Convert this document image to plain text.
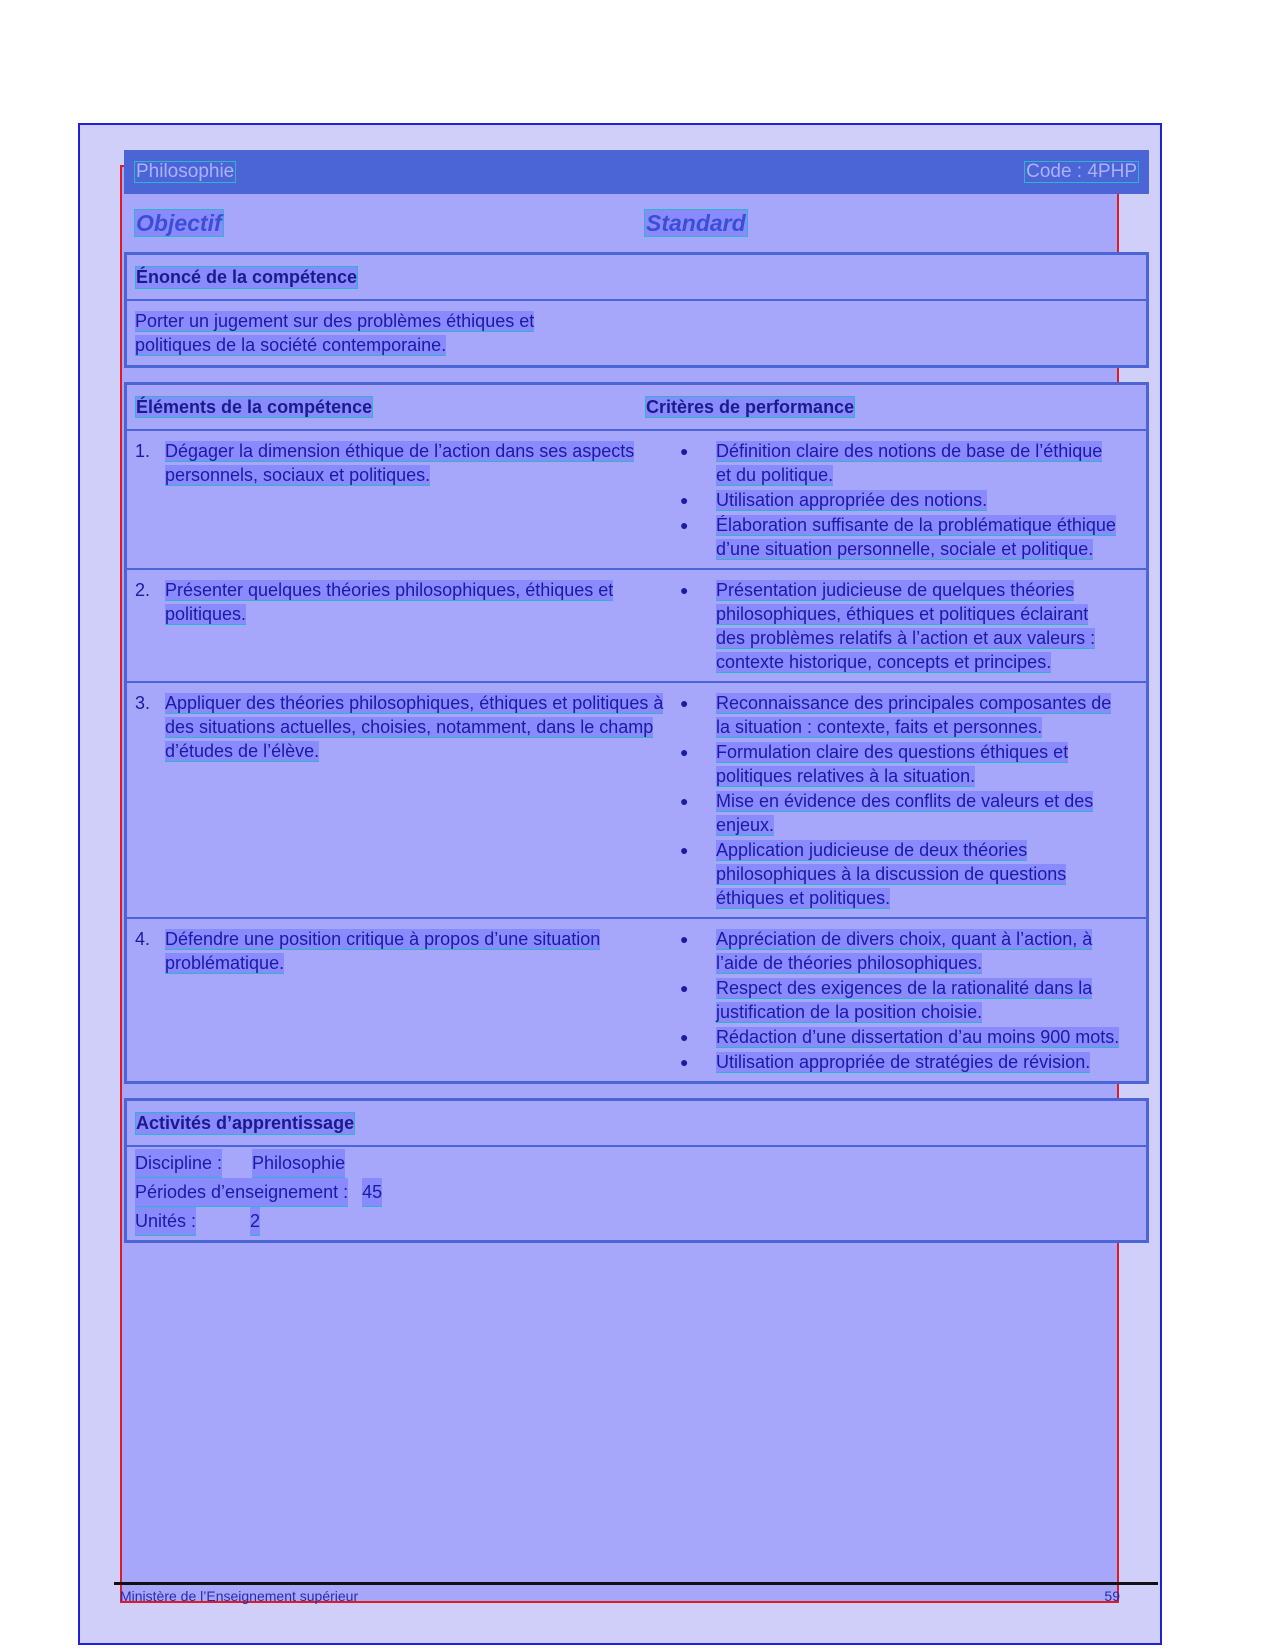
Philosophie	Code : 4PHP
Objectif	Standard
Énoncé de la compétence
Porter un jugement sur des problèmes éthiques et politiques de la société contemporaine.
Éléments de la compétence	Critères de performance
1. Dégager la dimension éthique de l’action dans ses aspects personnels, sociaux et politiques.
●	Définition claire des notions de base de l’éthique et du politique.
●	Utilisation appropriée des notions.
●	Élaboration suffisante de la problématique éthique d’une situation personnelle, sociale et politique.
2. Présenter quelques théories philosophiques, éthiques et politiques.
●	Présentation judicieuse de quelques théories philosophiques, éthiques et politiques éclairant des problèmes relatifs à l’action et aux valeurs : contexte historique, concepts et principes.
3. Appliquer des théories philosophiques, éthiques et politiques à des situations actuelles, choisies, notamment, dans le champ d’études de l’élève.
●	Reconnaissance des principales composantes de la situation : contexte, faits et personnes.
●	Formulation claire des questions éthiques et politiques relatives à la situation.
●	Mise en évidence des conflits de valeurs et des enjeux.
●	Application judicieuse de deux théories philosophiques à la discussion de questions éthiques et politiques.
4. Défendre une position critique à propos d’une situation problématique.
●	Appréciation de divers choix, quant à l’action, à l’aide de théories philosophiques.
●	Respect des exigences de la rationalité dans la justification de la position choisie.
●	Rédaction d’une dissertation d’au moins 900 mots.
●	Utilisation appropriée de stratégies de révision.
Activités d’apprentissage
Discipline : Philosophie
Périodes d’enseignement : 45
Unités :	2
Ministère de l’Enseignement supérieur	59
